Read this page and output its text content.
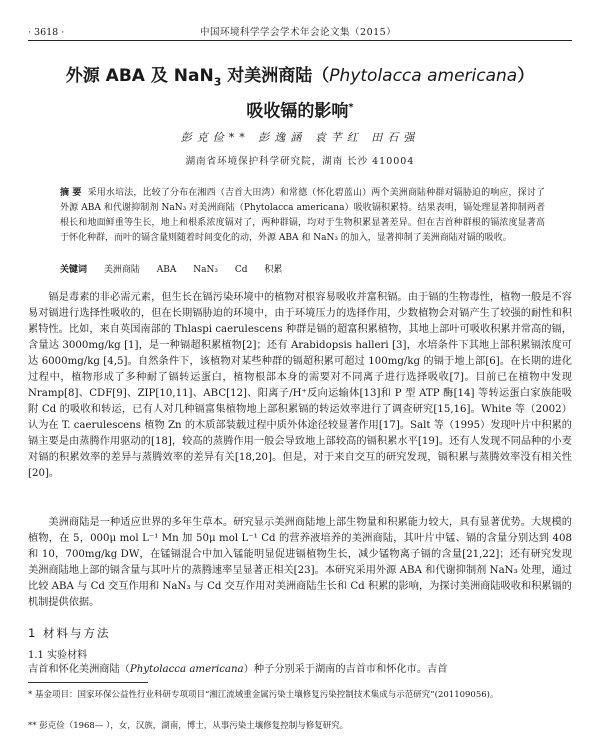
· 3618 ·	中国环境科学学会学术年会论文集（2015）
外源 ABA 及 NaN$_3$ 对美洲商陆（Phytolacca americana）
吸收镉的影响*
彭克俭** 彭逸涵 袁芊红 田石强
湖南省环境保护科学研究院，湖南 长沙 410004
摘 要 采用水培法，比较了分布在湘西（吉首大田湾）和常德（怀化碧蓝山）两个美洲商陆种群对镉胁迫的响应，探讨了外源 ABA 和代谢抑制剂 NaN₃ 对美洲商陆（Phytolacca americana）吸收镉积累特。结果表明，镉处理显著抑制两者根长和地面鲜重等生长，地上和根系浓度镉对了，两种群镉，均对于生物积累显著差异。但在吉首种群根的镉浓度显著高于怀化种群，而叶的镉含量则随着时间变化的动，外源 ABA 和 NaN₃ 的加入，显著抑制了美洲商陆对镉的吸收。
关键词 美洲商陆 ABA NaN₃ Cd 积累
镉是毒素的非必需元素，但生长在镉污染环境中的植物对根容易吸收并富积镉。由于镉的生物毒性，植物一般是不容易对镉进行选择性吸收的，但在长期镉胁迫的环境中，由于环境压力的选择作用，少数植物会对镉产生了较强的耐性和积累特性。比如，来自英国南部的 Thlaspi caerulescens 种群是镉的超富积累植物，其地上部叶可吸收积累并常高的镉，含量达 3000mg/kg [1]，是一种镉超积累植物[2]；还有 Arabidopsis halleri [3]，水培条件下其地上部积累镉浓度可达 6000mg/kg [4,5]。自然条件下，该植物对某些种群的镉超积累可超过 100mg/kg 的镉于地上部[6]。在长期的进化过程中，植物形成了多种耐了镉转运蛋白，植物根部本身的需要对不同离子进行选择吸收[7]。目前已在植物中发现 Nramp[8]、CDF[9]、ZIP[10,11]、ABC[12]、阳离子/H⁺反向运输体[13]和 P 型 ATP 酶[14] 等转运蛋白家族能吸附 Cd 的吸收和转运，已有人对几种镉富集植物地上部积累镉的转运效率进行了调查研究[15,16]。White 等（2002）认为在 T. caerulescens 植物 Zn 的木质部装载过程中质外体途径较显著作用[17]。Salt 等（1995）发现叶片中积累的镉主要是由蒸腾作用驱动的[18]，较高的蒸腾作用一般会导致地上部较高的镉积累水平[19]。还有人发现不同品种的小麦对镉的积累效率的差异与蒸腾效率的差异有关[18,20]。但是，对于来自交互的研究发现，镉积累与蒸腾效率没有相关性[20]。
美洲商陆是一种适应世界的多年生草本。研究显示美洲商陆地上部生物量和积累能力较大，具有显著优势。大规模的植物，在 5，000μ mol L⁻¹ Mn 加 50μ mol L⁻¹ Cd 的营养液培养的美洲商陆，其叶片中锰、镉的含量分别达到 408 和 10，700mg/kg DW，在锰镉混合中加入锰能明显促进镉植物生长，减少锰物离子镉的含量[21,22]；还有研究发现美洲商陆地上部的镉含量与其叶片的蒸腾速率呈显著正相关[23]。本研究采用外源 ABA 和代谢抑制剂 NaN₃ 处理，通过比较 ABA 与 Cd 交互作用和 NaN₃ 与 Cd 交互作用对美洲商陆生长和 Cd 积累的影响，为探讨美洲商陆吸收和积累镉的机制提供依据。
1 材料与方法
1.1 实验材料
吉首和怀化美洲商陆（Phytolacca americana）种子分别采于湖南的吉首市和怀化市。吉首
* 基金项目：国家环保公益性行业科研专项项目“湘江流域重金属污染土壤修复污染控制技术集成与示范研究”(201109056)。
** 彭克俭（1968— ），女，汉族，湖南，博士，从事污染土壤修复控制与修复研究。
